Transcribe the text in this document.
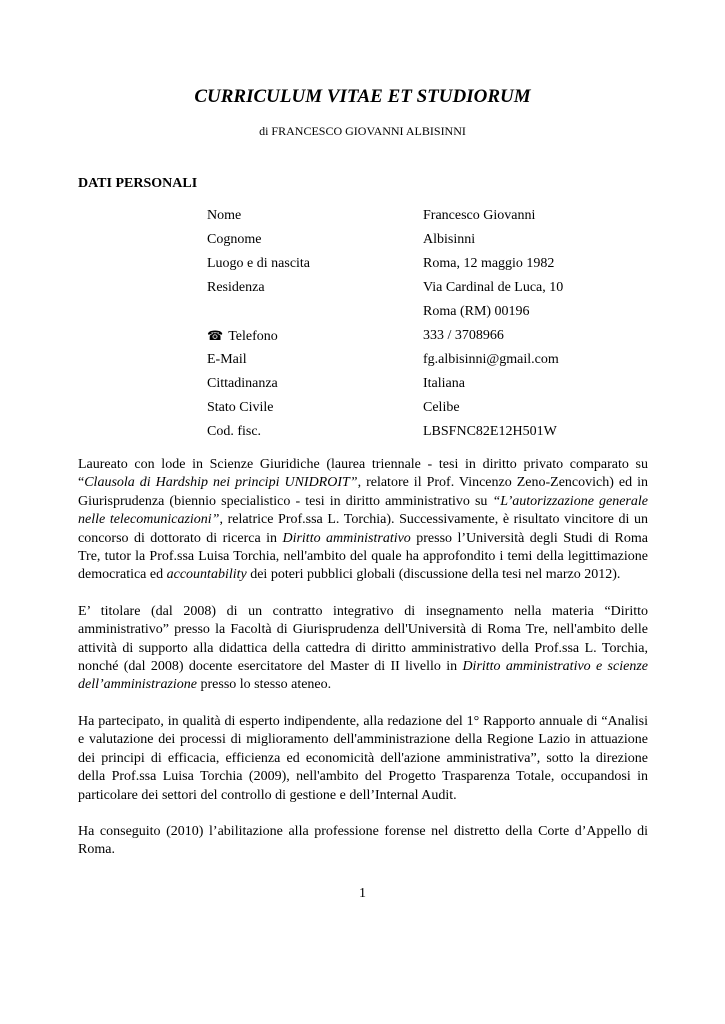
CURRICULUM VITAE ET STUDIORUM

di FRANCESCO GIOVANNI ALBISINNI

DATI PERSONALI
Nome	Francesco Giovanni
Cognome	Albisinni
Luogo e di nascita	Roma, 12 maggio 1982
Residenza	Via Cardinal de Luca, 10
Roma (RM) 00196
☎ Telefono	333 / 3708966
E-Mail	fg.albisinni@gmail.com
Cittadinanza	Italiana
Stato Civile	Celibe
Cod. fisc.	LBSFNC82E12H501W

Laureato con lode in Scienze Giuridiche (laurea triennale - tesi in diritto privato comparato su “Clausola di Hardship nei principi UNIDROIT”, relatore il Prof. Vincenzo Zeno-Zencovich) ed in Giurisprudenza (biennio specialistico - tesi in diritto amministrativo su “L’autorizzazione generale nelle telecomunicazioni”, relatrice Prof.ssa L. Torchia). Successivamente, è risultato vincitore di un concorso di dottorato di ricerca in Diritto amministrativo presso l’Università degli Studi di Roma Tre, tutor la Prof.ssa Luisa Torchia, nell'ambito del quale ha approfondito i temi della legittimazione democratica ed accountability dei poteri pubblici globali (discussione della tesi nel marzo 2012).

E’ titolare (dal 2008) di un contratto integrativo di insegnamento nella materia “Diritto amministrativo” presso la Facoltà di Giurisprudenza dell'Università di Roma Tre, nell'ambito delle attività di supporto alla didattica della cattedra di diritto amministrativo della Prof.ssa L. Torchia, nonché (dal 2008) docente esercitatore del Master di II livello in Diritto amministrativo e scienze dell’amministrazione presso lo stesso ateneo.

Ha partecipato, in qualità di esperto indipendente, alla redazione del 1° Rapporto annuale di “Analisi e valutazione dei processi di miglioramento dell'amministrazione della Regione Lazio in attuazione dei principi di efficacia, efficienza ed economicità dell'azione amministrativa”, sotto la direzione della Prof.ssa Luisa Torchia (2009), nell'ambito del Progetto Trasparenza Totale, occupandosi in particolare dei settori del controllo di gestione e dell’Internal Audit.

Ha conseguito (2010) l’abilitazione alla professione forense nel distretto della Corte d’Appello di Roma.

1
